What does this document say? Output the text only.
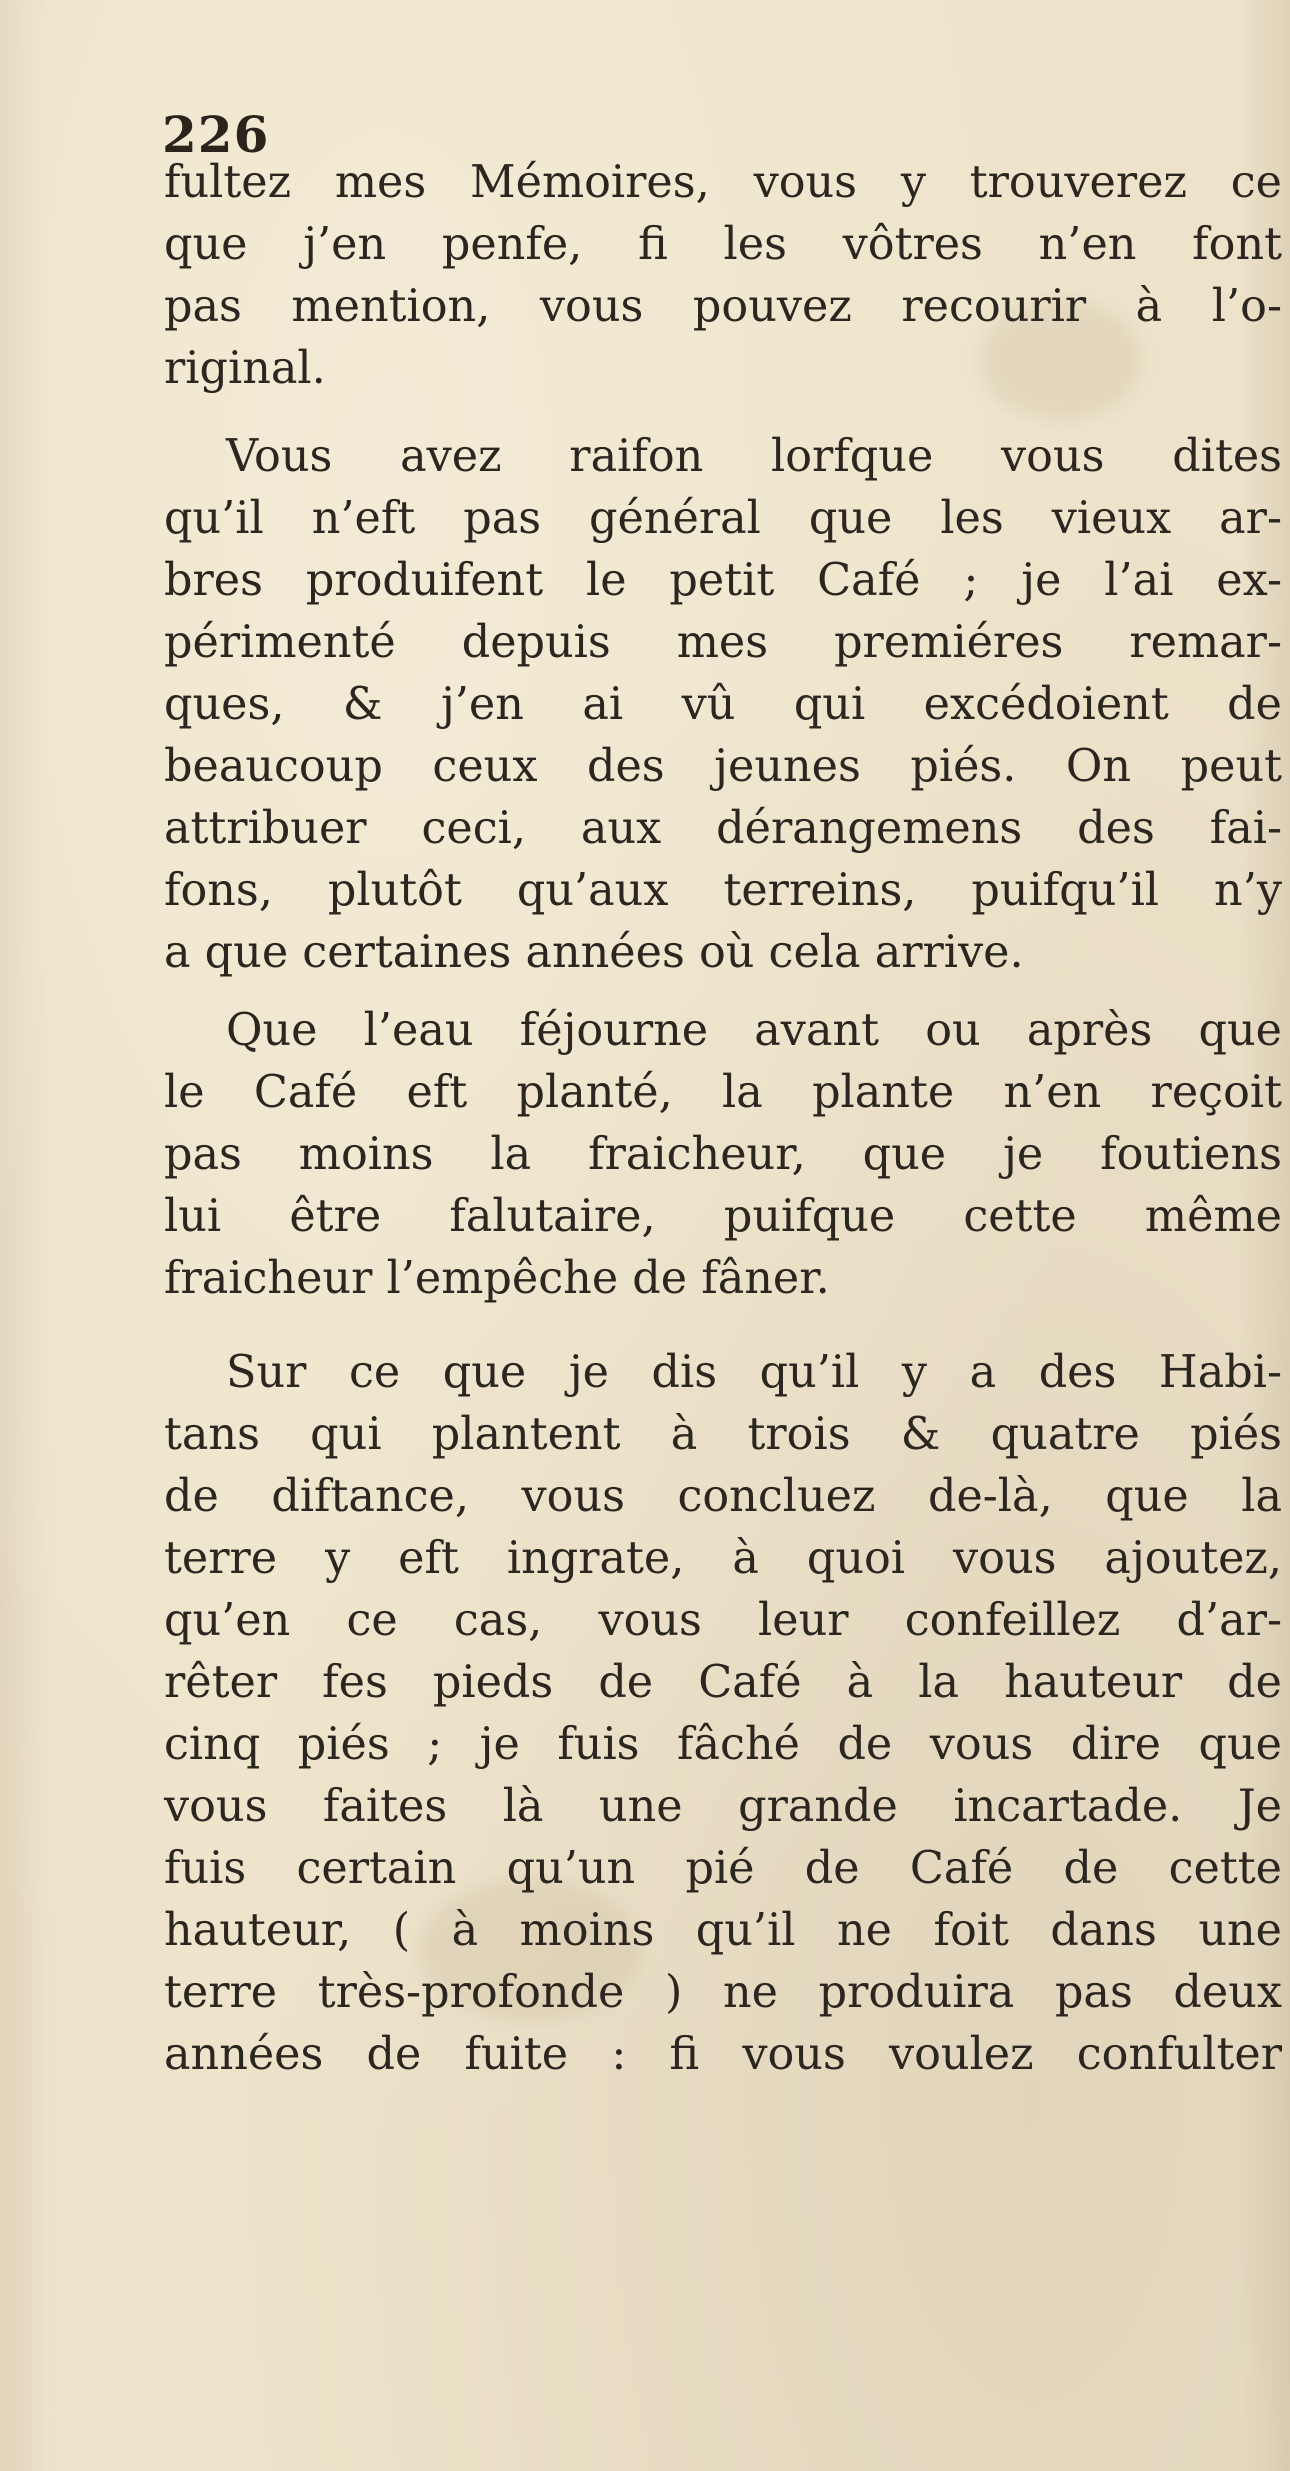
226
fultez mes Mémoires, vous y trouverez ce
que j’en penfe, fi les vôtres n’en font
pas mention, vous pouvez recourir à l’o-
riginal.
Vous avez raifon lorfque vous dites
qu’il n’eft pas général que les vieux ar-
bres produifent le petit Café ; je l’ai ex-
périmenté depuis mes premiéres remar-
ques, & j’en ai vû qui excédoient de
beaucoup ceux des jeunes piés. On peut
attribuer ceci, aux dérangemens des fai-
fons, plutôt qu’aux terreins, puifqu’il n’y
a que certaines années où cela arrive.
Que l’eau féjourne avant ou après que
le Café eft planté, la plante n’en reçoit
pas moins la fraicheur, que je foutiens
lui être falutaire, puifque cette même
fraicheur l’empêche de fâner.
Sur ce que je dis qu’il y a des Habi-
tans qui plantent à trois & quatre piés
de diftance, vous concluez de-là, que la
terre y eft ingrate, à quoi vous ajoutez,
qu’en ce cas, vous leur confeillez d’ar-
rêter fes pieds de Café à la hauteur de
cinq piés ; je fuis fâché de vous dire que
vous faites là une grande incartade. Je
fuis certain qu’un pié de Café de cette
hauteur, ( à moins qu’il ne foit dans une
terre très-profonde ) ne produira pas deux
années de fuite : fi vous voulez confulter
